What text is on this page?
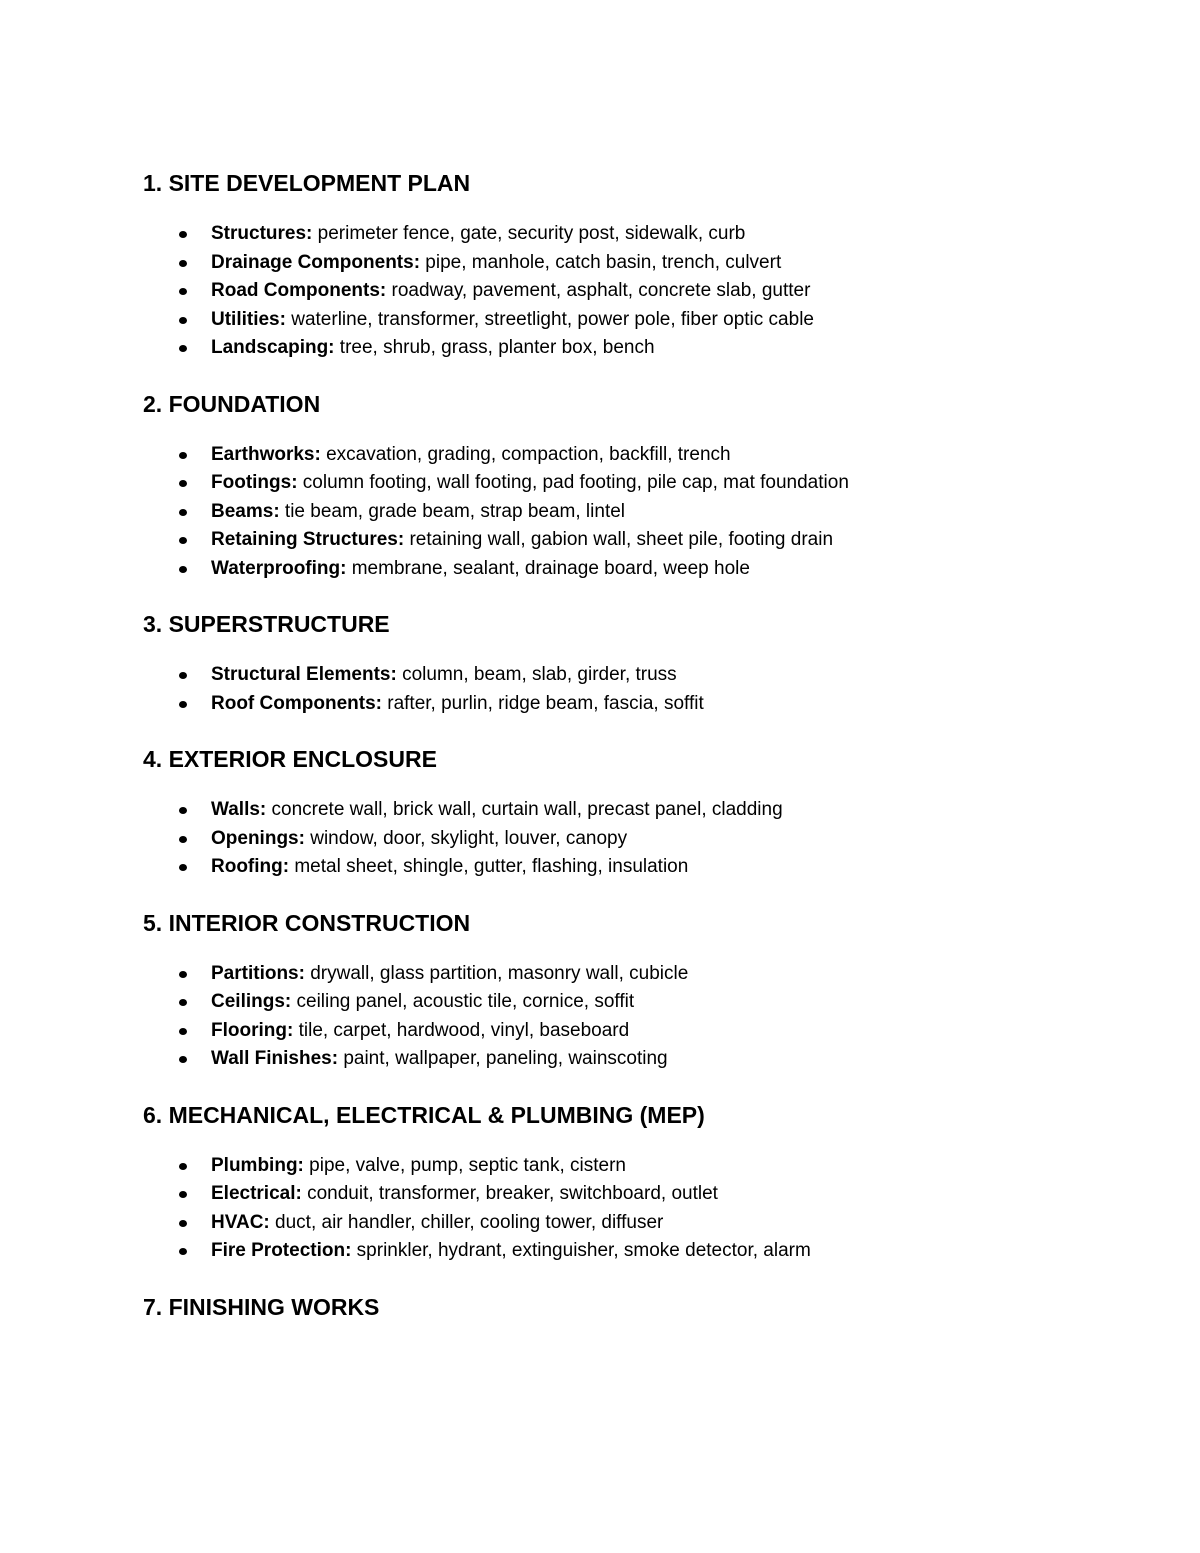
1. SITE DEVELOPMENT PLAN
Structures: perimeter fence, gate, security post, sidewalk, curb
Drainage Components: pipe, manhole, catch basin, trench, culvert
Road Components: roadway, pavement, asphalt, concrete slab, gutter
Utilities: waterline, transformer, streetlight, power pole, fiber optic cable
Landscaping: tree, shrub, grass, planter box, bench
2. FOUNDATION
Earthworks: excavation, grading, compaction, backfill, trench
Footings: column footing, wall footing, pad footing, pile cap, mat foundation
Beams: tie beam, grade beam, strap beam, lintel
Retaining Structures: retaining wall, gabion wall, sheet pile, footing drain
Waterproofing: membrane, sealant, drainage board, weep hole
3. SUPERSTRUCTURE
Structural Elements: column, beam, slab, girder, truss
Roof Components: rafter, purlin, ridge beam, fascia, soffit
4. EXTERIOR ENCLOSURE
Walls: concrete wall, brick wall, curtain wall, precast panel, cladding
Openings: window, door, skylight, louver, canopy
Roofing: metal sheet, shingle, gutter, flashing, insulation
5. INTERIOR CONSTRUCTION
Partitions: drywall, glass partition, masonry wall, cubicle
Ceilings: ceiling panel, acoustic tile, cornice, soffit
Flooring: tile, carpet, hardwood, vinyl, baseboard
Wall Finishes: paint, wallpaper, paneling, wainscoting
6. MECHANICAL, ELECTRICAL & PLUMBING (MEP)
Plumbing: pipe, valve, pump, septic tank, cistern
Electrical: conduit, transformer, breaker, switchboard, outlet
HVAC: duct, air handler, chiller, cooling tower, diffuser
Fire Protection: sprinkler, hydrant, extinguisher, smoke detector, alarm
7. FINISHING WORKS
